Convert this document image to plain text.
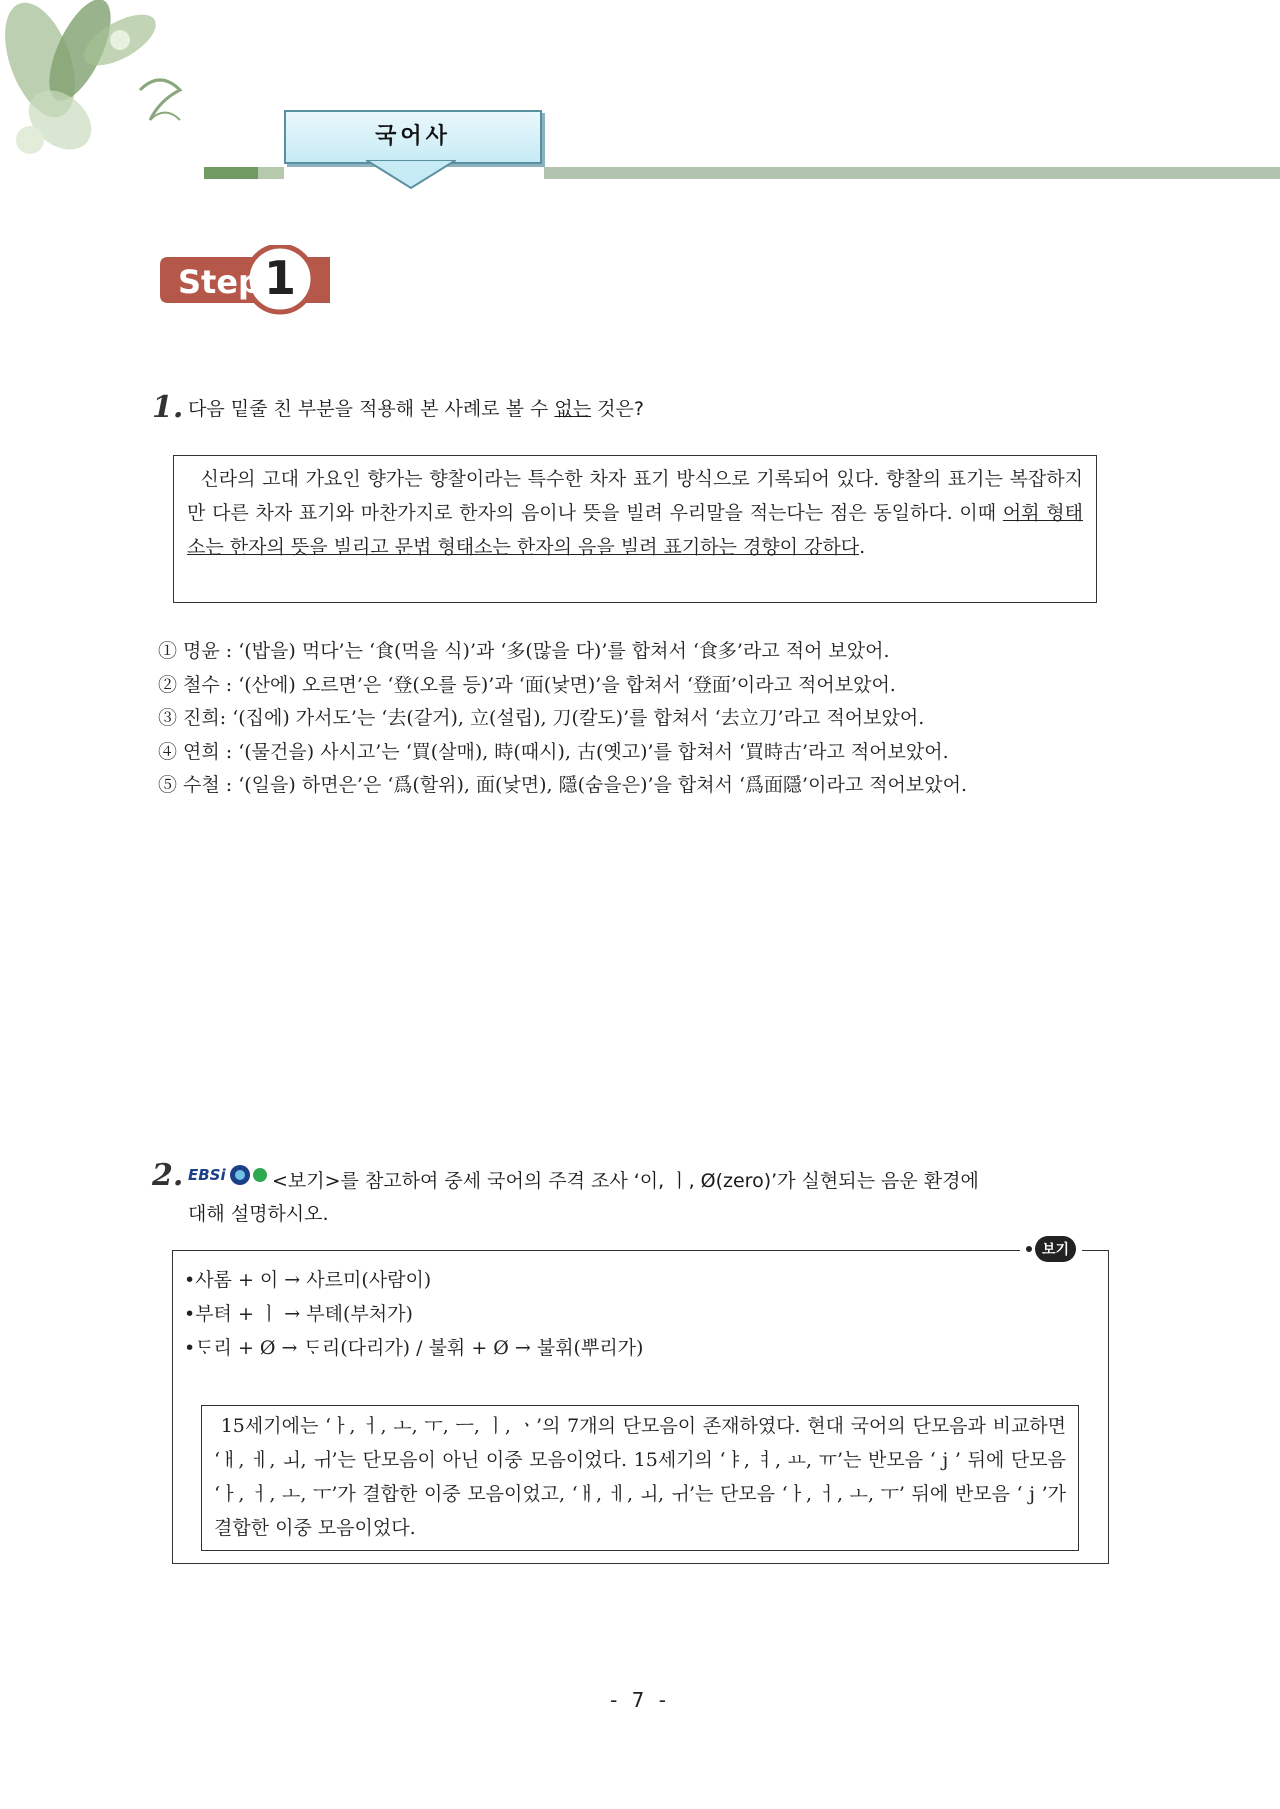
국어사
Step 1
1. 다음 밑줄 친 부분을 적용해 본 사례로 볼 수 없는 것은?
신라의 고대 가요인 향가는 향찰이라는 특수한 차자 표기 방식으로 기록되어 있다. 향찰의 표기는 복잡하지만 다른 차자 표기와 마찬가지로 한자의 음이나 뜻을 빌려 우리말을 적는다는 점은 동일하다. 이때 어휘 형태소는 한자의 뜻을 빌리고 문법 형태소는 한자의 음을 빌려 표기하는 경향이 강하다.
① 명윤 : ‘(밥을) 먹다’는 ‘食(먹을 식)’과 ‘多(많을 다)’를 합쳐서 ‘食多’라고 적어 보았어.
② 철수 : ‘(산에) 오르면’은 ‘登(오를 등)’과 ‘面(낯면)’을 합쳐서 ‘登面’이라고 적어보았어.
③ 진희: ‘(집에) 가서도’는 ‘去(갈거), 立(설립), 刀(칼도)’를 합쳐서 ‘去立刀’라고 적어보았어.
④ 연희 : ‘(물건을) 사시고’는 ‘買(살매), 時(때시), 古(옛고)’를 합쳐서 ‘買時古’라고 적어보았어.
⑤ 수철 : ‘(일을) 하면은’은 ‘爲(할위), 面(낯면), 隱(숨을은)’을 합쳐서 ‘爲面隱’이라고 적어보았어.
2. EBSi <보기>를 참고하여 중세 국어의 주격 조사 ‘이, ㅣ, Ø(zero)’가 실현되는 음운 환경에
대해 설명하시오.
보기
•사롬 + 이 → 사르미(사람이)
•부텨 + ㅣ → 부톄(부처가)
•ᄃᆞ리 + Ø → ᄃᆞ리(다리가) / 불휘 + Ø → 불휘(뿌리가)
15세기에는 ‘ㅏ, ㅓ, ㅗ, ㅜ, ㅡ, ㅣ, ㆍ’의 7개의 단모음이 존재하였다. 현대 국어의 단모음과 비교하면 ‘ㅐ, ㅔ, ㅚ, ㅟ’는 단모음이 아닌 이중 모음이었다. 15세기의 ‘ㅑ, ㅕ, ㅛ, ㅠ’는 반모음 ‘ j ’ 뒤에 단모음 ‘ㅏ, ㅓ, ㅗ, ㅜ’가 결합한 이중 모음이었고, ‘ㅐ, ㅔ, ㅚ, ㅟ’는 단모음 ‘ㅏ, ㅓ, ㅗ, ㅜ’ 뒤에 반모음 ‘ j ’가 결합한 이중 모음이었다.
- 7 -
